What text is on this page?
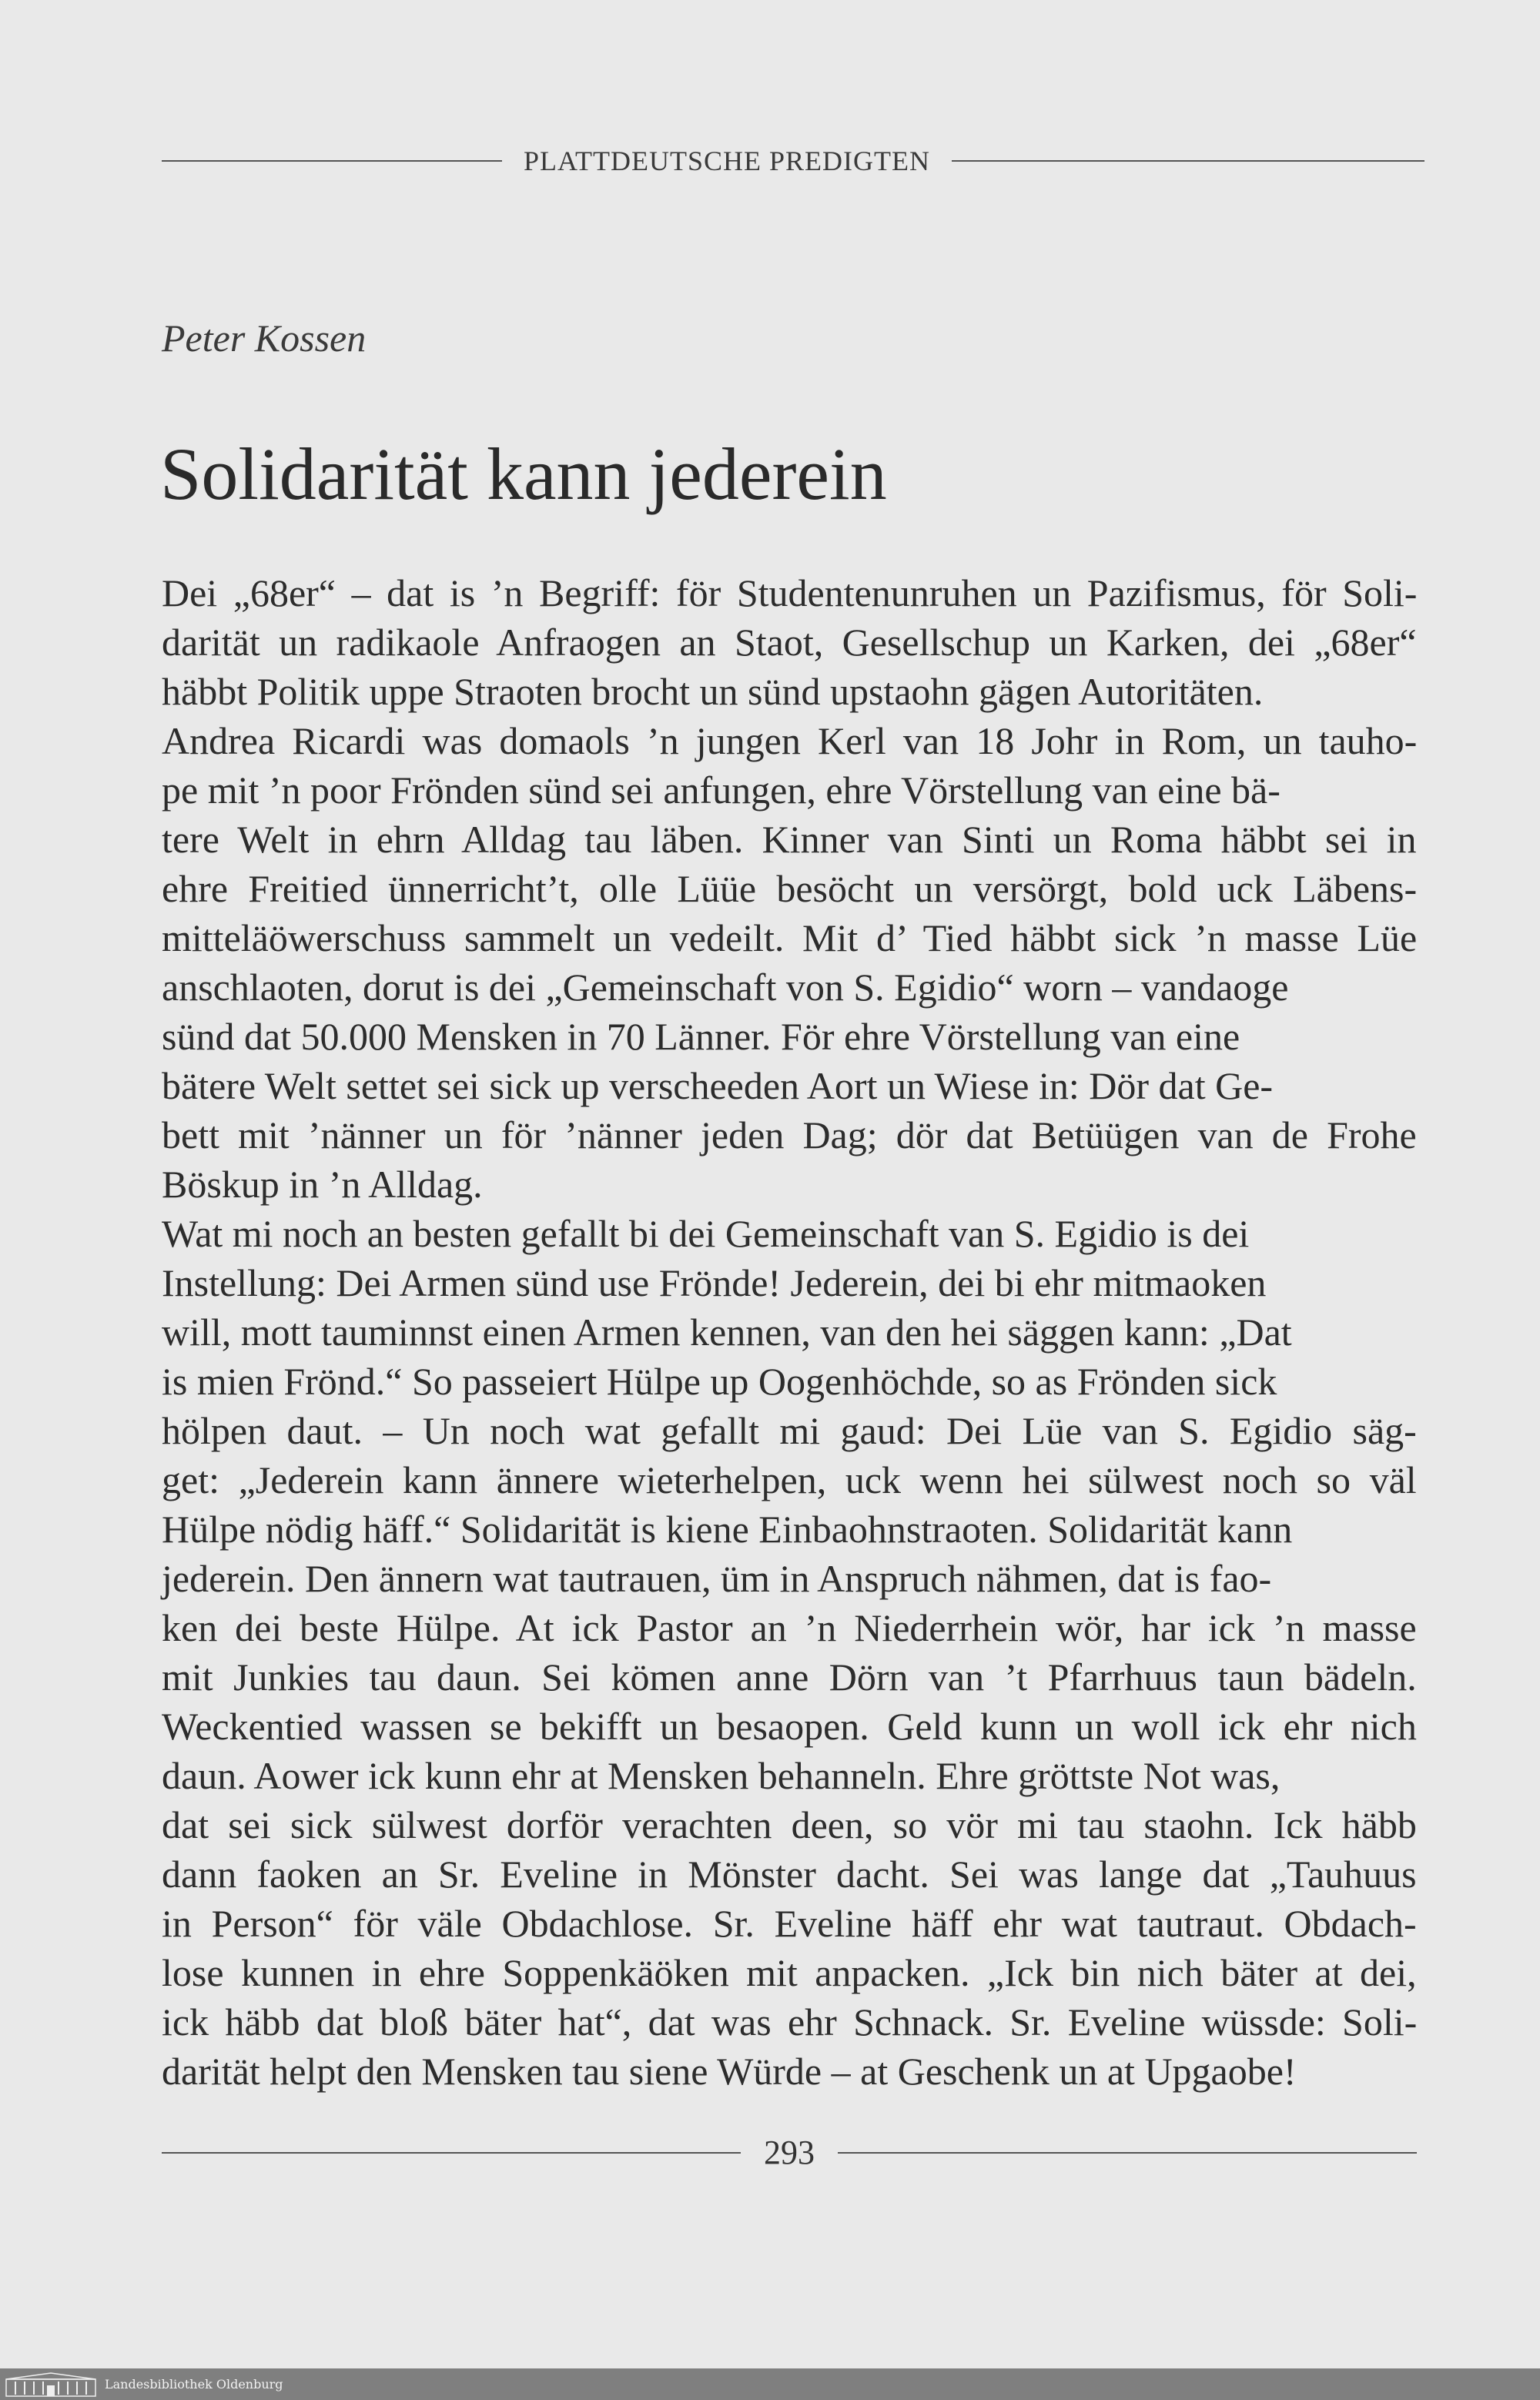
PLATTDEUTSCHE PREDIGTEN
Peter Kossen
Solidarität kann jederein

Dei „68er“ – dat is ’n Begriff: för Studentenunruhen un Pazifismus, för Soli-
darität un radikaole Anfraogen an Staot, Gesellschup un Karken, dei „68er“
häbbt Politik uppe Straoten brocht un sünd upstaohn gägen Autoritäten.
Andrea Ricardi was domaols ’n jungen Kerl van 18 Johr in Rom, un tauho-
pe mit ’n poor Frönden sünd sei anfungen, ehre Vörstellung van eine bä-
tere Welt in ehrn Alldag tau läben. Kinner van Sinti un Roma häbbt sei in
ehre Freitied ünnerricht’t, olle Lüüe besöcht un versörgt, bold uck Läbens-
mitteläöwerschuss sammelt un vedeilt. Mit d’ Tied häbbt sick ’n masse Lüe
anschlaoten, dorut is dei „Gemeinschaft von S. Egidio“ worn – vandaoge
sünd dat 50.000 Mensken in 70 Länner. För ehre Vörstellung van eine
bätere Welt settet sei sick up verscheeden Aort un Wiese in: Dör dat Ge-
bett mit ’nänner un för ’nänner jeden Dag; dör dat Betüügen van de Frohe
Böskup in ’n Alldag.

Wat mi noch an besten gefallt bi dei Gemeinschaft van S. Egidio is dei
Instellung: Dei Armen sünd use Frönde! Jederein, dei bi ehr mitmaoken
will, mott tauminnst einen Armen kennen, van den hei säggen kann: „Dat
is mien Frönd.“ So passeiert Hülpe up Oogenhöchde, so as Frönden sick
hölpen daut. – Un noch wat gefallt mi gaud: Dei Lüe van S. Egidio säg-
get: „Jederein kann ännere wieterhelpen, uck wenn hei sülwest noch so väl
Hülpe nödig häff.“ Solidarität is kiene Einbaohnstraoten. Solidarität kann
jederein. Den ännern wat tautrauen, üm in Anspruch nähmen, dat is fao-
ken dei beste Hülpe. At ick Pastor an ’n Niederrhein wör, har ick ’n masse
mit Junkies tau daun. Sei kömen anne Dörn van ’t Pfarrhuus taun bädeln.
Weckentied wassen se bekifft un besaopen. Geld kunn un woll ick ehr nich
daun. Aower ick kunn ehr at Mensken behanneln. Ehre gröttste Not was,
dat sei sick sülwest dorför verachten deen, so vör mi tau staohn. Ick häbb
dann faoken an Sr. Eveline in Mönster dacht. Sei was lange dat „Tauhuus
in Person“ för väle Obdachlose. Sr. Eveline häff ehr wat tautraut. Obdach-
lose kunnen in ehre Soppenkäöken mit anpacken. „Ick bin nich bäter at dei,
ick häbb dat bloß bäter hat“, dat was ehr Schnack. Sr. Eveline wüssde: Soli-
darität helpt den Mensken tau siene Würde – at Geschenk un at Upgaobe!

293
Landesbibliothek Oldenburg
